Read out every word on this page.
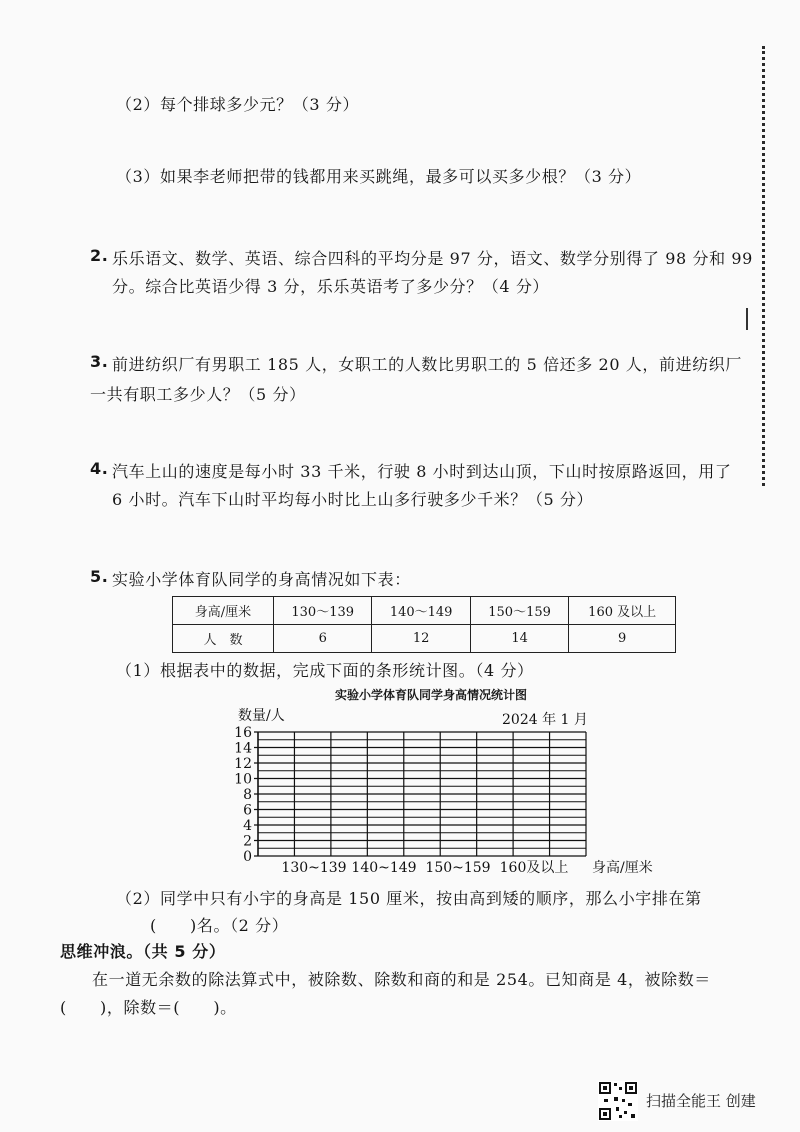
（2）每个排球多少元？（3 分）
（3）如果李老师把带的钱都用来买跳绳，最多可以买多少根？（3 分）
2. 乐乐语文、数学、英语、综合四科的平均分是 97 分，语文、数学分别得了 98 分和 99
分。综合比英语少得 3 分，乐乐英语考了多少分？（4 分）
3. 前进纺织厂有男职工 185 人，女职工的人数比男职工的 5 倍还多 20 人，前进纺织厂
一共有职工多少人？（5 分）
4. 汽车上山的速度是每小时 33 千米，行驶 8 小时到达山顶，下山时按原路返回，用了
6 小时。汽车下山时平均每小时比上山多行驶多少千米？（5 分）
5. 实验小学体育队同学的身高情况如下表：
身高/厘米	130～139	140～149	150～159	160 及以上
人　数	6	12	14	9
（1）根据表中的数据，完成下面的条形统计图。（4 分）
实验小学体育队同学身高情况统计图
0
2
4
6
8
10
12
14
16
数量/人	2024 年 1 月
130~139 140~149 150~159 160及以上 身高/厘米
（2）同学中只有小宇的身高是 150 厘米，按由高到矮的顺序，那么小宇排在第
(　　)名。（2 分）
思维冲浪。（共 5 分）
在一道无余数的除法算式中，被除数、除数和商的和是 254。已知商是 4，被除数＝
(　　)，除数＝(　　)。
扫描全能王 创建
